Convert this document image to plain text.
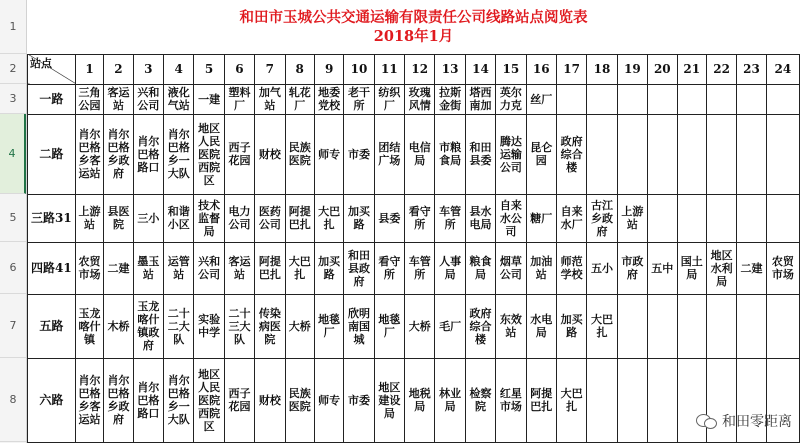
1
2
3
4
5
6
7
8
和田市玉城公共交通运输有限责任公司线路站点阅览表
2018年1月																								

站点	1	2	3	4	5	6	7	8	9	10	11	12	13	14	15	16	17	18	19	20	21	22	23	24
一路	三角公园	客运站	兴和公司	液化气站	一建	塑料厂	加气站	轧花厂	地委党校	老干所	纺织厂	玫瑰风情	拉斯金街	塔西南加	英尔力克	丝厂								
二路	肖尔巴格乡客运站	肖尔巴格乡政府	肖尔巴格路口	肖尔巴格乡一大队	地区人民医院西院区	西子花园	财校	民族医院	师专	市委	团结广场	电信局	市粮食局	和田县委	腾达运输公司	昆仑园	政府综合楼							
三路31	上游站	县医院	三小	和谐小区	技术监督局	电力公司	医药公司	阿提巴扎	大巴扎	加买路	县委	看守所	车管所	县水电局	自来水公司	糖厂	自来水厂	古江乡政府	上游站					
四路41	农贸市场	二建	墨玉站	运管站	兴和公司	客运站	阿提巴扎	大巴扎	加买路	和田县政府	看守所	车管所	人事局	粮食局	烟草公司	加油站	师范学校	五小	市政府	五中	国土局	地区水利局	二建	农贸市场
五路	玉龙喀什镇	木桥	玉龙喀什镇政府	二十二大队	实验中学	二十三大队	传染病医院	大桥	地毯厂	欣明南国城	地毯厂	大桥	毛厂	政府综合楼	东效站	水电局	加买路	大巴扎						
六路	肖尔巴格乡客运站	肖尔巴格乡政府	肖尔巴格路口	肖尔巴格乡一大队	地区人民医院西院区	西子花园	财校	民族医院	师专	市委	地区建设局	地税局	林业局	检察院	红星市场	阿提巴扎	大巴扎							
和田零距离
